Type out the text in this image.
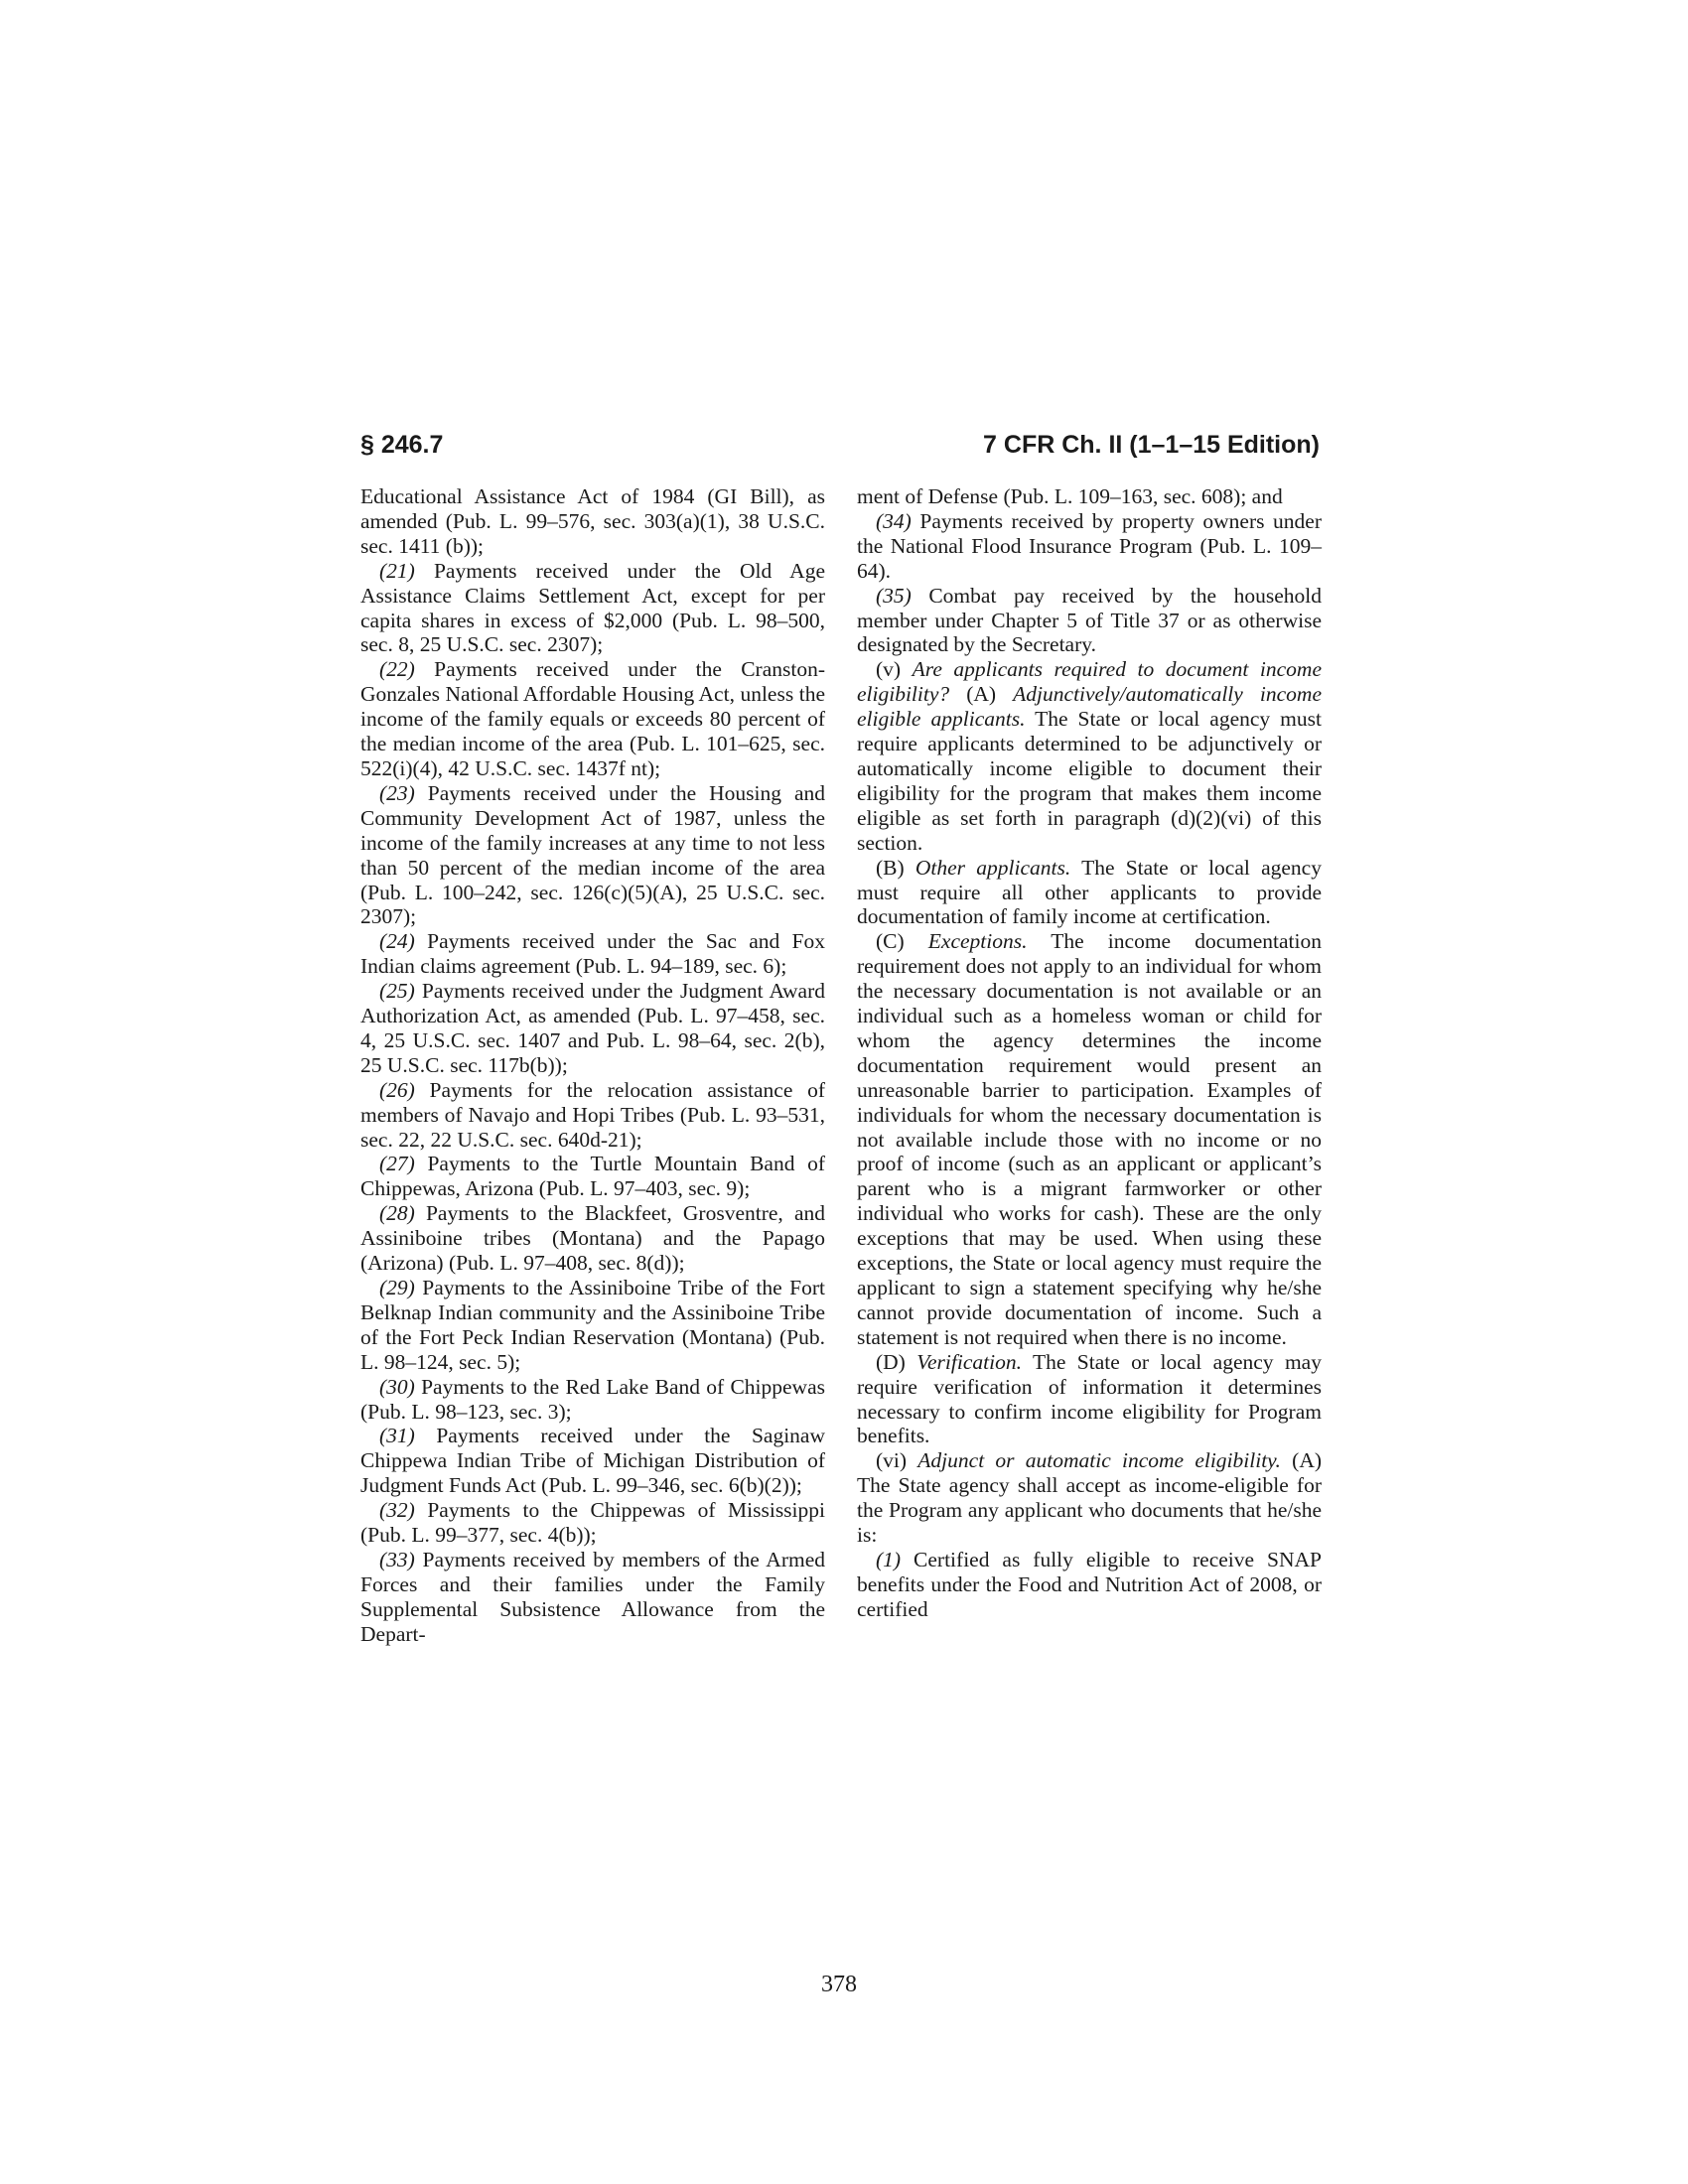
§ 246.7	7 CFR Ch. II (1–1–15 Edition)

Educational Assistance Act of 1984 (GI Bill), as amended (Pub. L. 99–576, sec. 303(a)(1), 38 U.S.C. sec. 1411 (b));

(21) Payments received under the Old Age Assistance Claims Settlement Act, except for per capita shares in excess of $2,000 (Pub. L. 98–500, sec. 8, 25 U.S.C. sec. 2307);

(22) Payments received under the Cranston-Gonzales National Affordable Housing Act, unless the income of the family equals or exceeds 80 percent of the median income of the area (Pub. L. 101–625, sec. 522(i)(4), 42 U.S.C. sec. 1437f nt);

(23) Payments received under the Housing and Community Development Act of 1987, unless the income of the family increases at any time to not less than 50 percent of the median income of the area (Pub. L. 100–242, sec. 126(c)(5)(A), 25 U.S.C. sec. 2307);

(24) Payments received under the Sac and Fox Indian claims agreement (Pub. L. 94–189, sec. 6);

(25) Payments received under the Judgment Award Authorization Act, as amended (Pub. L. 97–458, sec. 4, 25 U.S.C. sec. 1407 and Pub. L. 98–64, sec. 2(b), 25 U.S.C. sec. 117b(b));

(26) Payments for the relocation assistance of members of Navajo and Hopi Tribes (Pub. L. 93–531, sec. 22, 22 U.S.C. sec. 640d-21);

(27) Payments to the Turtle Mountain Band of Chippewas, Arizona (Pub. L. 97–403, sec. 9);

(28) Payments to the Blackfeet, Grosventre, and Assiniboine tribes (Montana) and the Papago (Arizona) (Pub. L. 97–408, sec. 8(d));

(29) Payments to the Assiniboine Tribe of the Fort Belknap Indian community and the Assiniboine Tribe of the Fort Peck Indian Reservation (Montana) (Pub. L. 98–124, sec. 5);

(30) Payments to the Red Lake Band of Chippewas (Pub. L. 98–123, sec. 3);

(31) Payments received under the Saginaw Chippewa Indian Tribe of Michigan Distribution of Judgment Funds Act (Pub. L. 99–346, sec. 6(b)(2));

(32) Payments to the Chippewas of Mississippi (Pub. L. 99–377, sec. 4(b));

(33) Payments received by members of the Armed Forces and their families under the Family Supplemental Subsistence Allowance from the Depart-

ment of Defense (Pub. L. 109–163, sec. 608); and

(34) Payments received by property owners under the National Flood Insurance Program (Pub. L. 109–64).

(35) Combat pay received by the household member under Chapter 5 of Title 37 or as otherwise designated by the Secretary.

(v) Are applicants required to document income eligibility? (A) Adjunctively/automatically income eligible applicants. The State or local agency must require applicants determined to be adjunctively or automatically income eligible to document their eligibility for the program that makes them income eligible as set forth in paragraph (d)(2)(vi) of this section.

(B) Other applicants. The State or local agency must require all other applicants to provide documentation of family income at certification.

(C) Exceptions. The income documentation requirement does not apply to an individual for whom the necessary documentation is not available or an individual such as a homeless woman or child for whom the agency determines the income documentation requirement would present an unreasonable barrier to participation. Examples of individuals for whom the necessary documentation is not available include those with no income or no proof of income (such as an applicant or applicant’s parent who is a migrant farmworker or other individual who works for cash). These are the only exceptions that may be used. When using these exceptions, the State or local agency must require the applicant to sign a statement specifying why he/she cannot provide documentation of income. Such a statement is not required when there is no income.

(D) Verification. The State or local agency may require verification of information it determines necessary to confirm income eligibility for Program benefits.

(vi) Adjunct or automatic income eligibility. (A) The State agency shall accept as income-eligible for the Program any applicant who documents that he/she is:

(1) Certified as fully eligible to receive SNAP benefits under the Food and Nutrition Act of 2008, or certified

378
